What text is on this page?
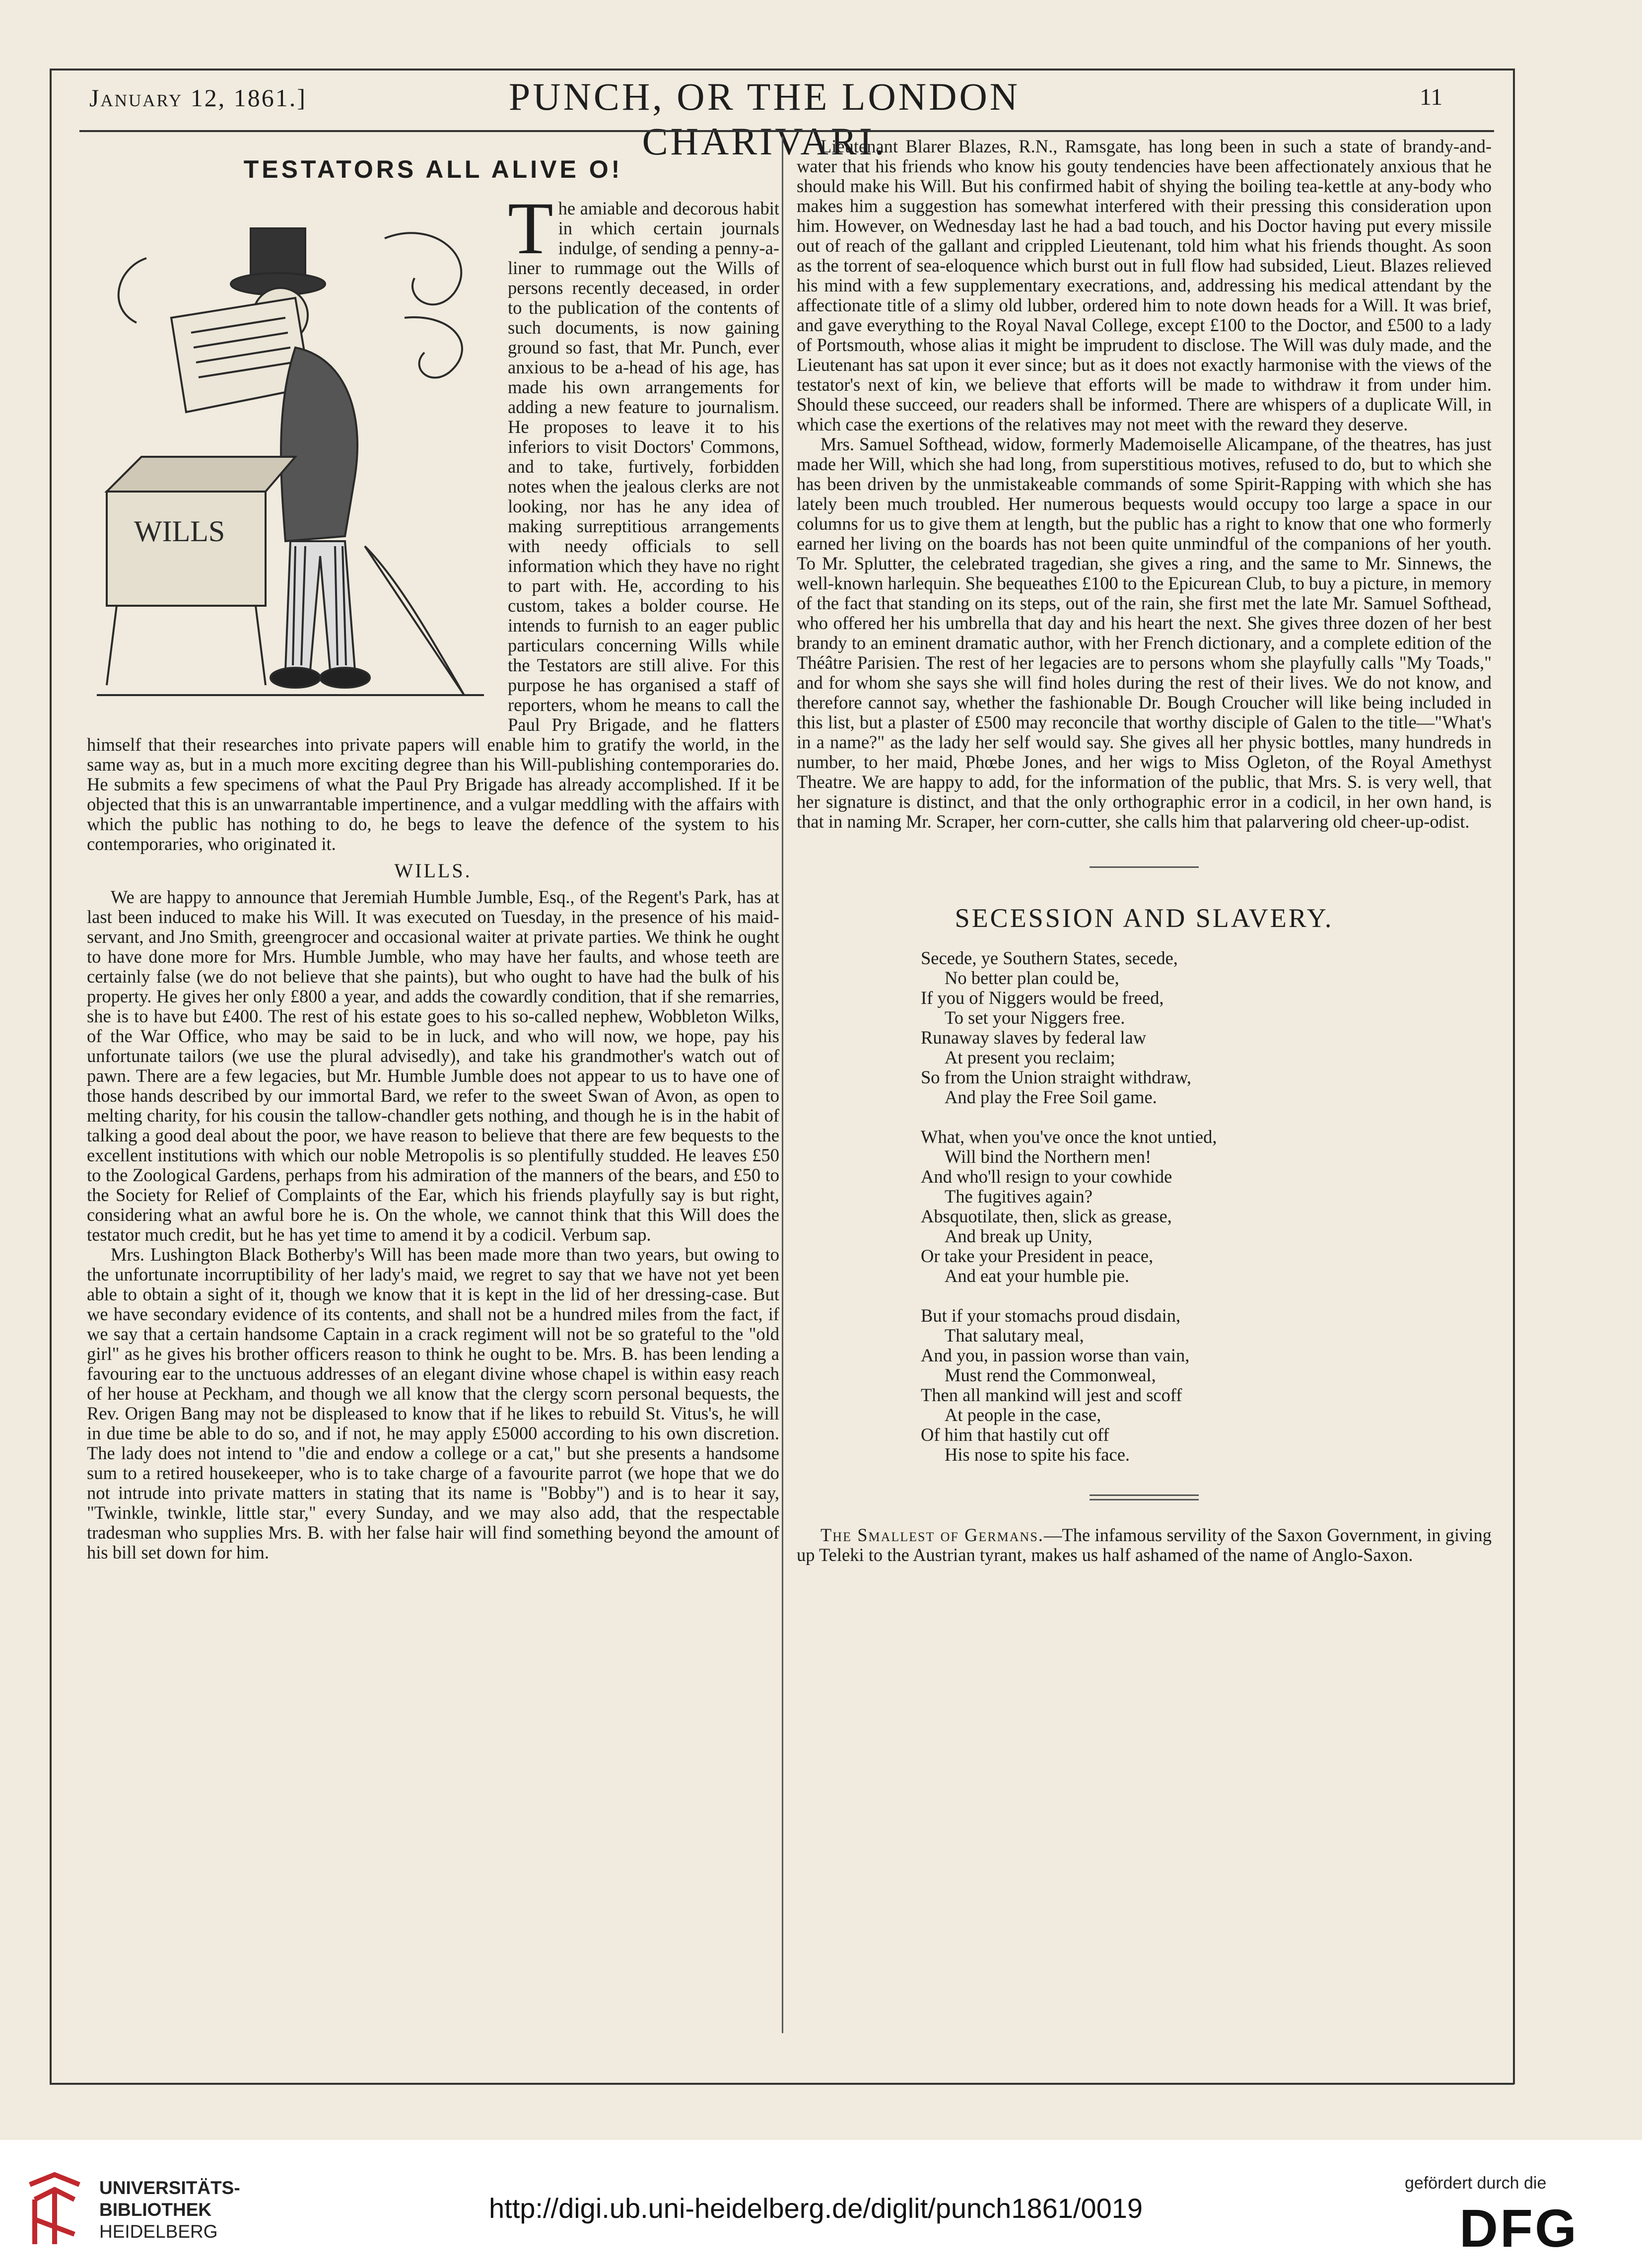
January 12, 1861.]	PUNCH, OR THE LONDON CHARIVARI.
11
TESTATORS ALL ALIVE O!
WILLS
T he amiable and decorous habit in which certain journals indulge, of sending a penny-a-liner to rummage out the Wills of persons recently deceased, in order to the publication of the contents of such documents, is now gaining ground so fast, that Mr. Punch, ever anxious to be a-head of his age, has made his own arrangements for adding a new feature to journalism. He proposes to leave it to his inferiors to visit Doctors' Commons, and to take, furtively, forbidden notes when the jealous clerks are not looking, nor has he any idea of making surreptitious arrangements with needy officials to sell information which they have no right to part with. He, according to his custom, takes a bolder course. He intends to furnish to an eager public particulars concerning Wills while the Testators are still alive. For this purpose he has organised a staff of reporters, whom he means to call the Paul Pry Brigade, and he flatters himself that their researches into private papers will enable him to gratify the world, in the same way as, but in a much more exciting degree than his Will-publishing contemporaries do. He submits a few specimens of what the Paul Pry Brigade has already accomplished. If it be objected that this is an unwarrantable impertinence, and a vulgar meddling with the affairs with which the public has nothing to do, he begs to leave the defence of the system to his contemporaries, who originated it.

WILLS.

We are happy to announce that Jeremiah Humble Jumble, Esq., of the Regent's Park, has at last been induced to make his Will. It was executed on Tuesday, in the presence of his maid-servant, and Jno Smith, greengrocer and occasional waiter at private parties. We think he ought to have done more for Mrs. Humble Jumble, who may have her faults, and whose teeth are certainly false (we do not believe that she paints), but who ought to have had the bulk of his property. He gives her only £800 a year, and adds the cowardly condition, that if she remarries, she is to have but £400. The rest of his estate goes to his so-called nephew, Wobbleton Wilks, of the War Office, who may be said to be in luck, and who will now, we hope, pay his unfortunate tailors (we use the plural advisedly), and take his grandmother's watch out of pawn. There are a few legacies, but Mr. Humble Jumble does not appear to us to have one of those hands described by our immortal Bard, we refer to the sweet Swan of Avon, as open to melting charity, for his cousin the tallow-chandler gets nothing, and though he is in the habit of talking a good deal about the poor, we have reason to believe that there are few bequests to the excellent institutions with which our noble Metropolis is so plentifully studded. He leaves £50 to the Zoological Gardens, perhaps from his admiration of the manners of the bears, and £50 to the Society for Relief of Complaints of the Ear, which his friends playfully say is but right, considering what an awful bore he is. On the whole, we cannot think that this Will does the testator much credit, but he has yet time to amend it by a codicil. Verbum sap.

Mrs. Lushington Black Botherby's Will has been made more than two years, but owing to the unfortunate incorruptibility of her lady's maid, we regret to say that we have not yet been able to obtain a sight of it, though we know that it is kept in the lid of her dressing-case. But we have secondary evidence of its contents, and shall not be a hundred miles from the fact, if we say that a certain handsome Captain in a crack regiment will not be so grateful to the "old girl" as he gives his brother officers reason to think he ought to be. Mrs. B. has been lending a favouring ear to the unctuous addresses of an elegant divine whose chapel is within easy reach of her house at Peckham, and though we all know that the clergy scorn personal bequests, the Rev. Origen Bang may not be displeased to know that if he likes to rebuild St. Vitus's, he will in due time be able to do so, and if not, he may apply £5000 according to his own discretion. The lady does not intend to "die and endow a college or a cat," but she presents a handsome sum to a retired housekeeper, who is to take charge of a favourite parrot (we hope that we do not intrude into private matters in stating that its name is "Bobby") and is to hear it say, "Twinkle, twinkle, little star," every Sunday, and we may also add, that the respectable tradesman who supplies Mrs. B. with her false hair will find something beyond the amount of his bill set down for him.

Lieutenant Blarer Blazes, R.N., Ramsgate, has long been in such a state of brandy-and-water that his friends who know his gouty tendencies have been affectionately anxious that he should make his Will. But his confirmed habit of shying the boiling tea-kettle at any-body who makes him a suggestion has somewhat interfered with their pressing this consideration upon him. However, on Wednesday last he had a bad touch, and his Doctor having put every missile out of reach of the gallant and crippled Lieutenant, told him what his friends thought. As soon as the torrent of sea-eloquence which burst out in full flow had subsided, Lieut. Blazes relieved his mind with a few supplementary execrations, and, addressing his medical attendant by the affectionate title of a slimy old lubber, ordered him to note down heads for a Will. It was brief, and gave everything to the Royal Naval College, except £100 to the Doctor, and £500 to a lady of Portsmouth, whose alias it might be imprudent to disclose. The Will was duly made, and the Lieutenant has sat upon it ever since; but as it does not exactly harmonise with the views of the testator's next of kin, we believe that efforts will be made to withdraw it from under him. Should these succeed, our readers shall be informed. There are whispers of a duplicate Will, in which case the exertions of the relatives may not meet with the reward they deserve.

Mrs. Samuel Softhead, widow, formerly Mademoiselle Alicampane, of the theatres, has just made her Will, which she had long, from superstitious motives, refused to do, but to which she has been driven by the unmistakeable commands of some Spirit-Rapping with which she has lately been much troubled. Her numerous bequests would occupy too large a space in our columns for us to give them at length, but the public has a right to know that one who formerly earned her living on the boards has not been quite unmindful of the companions of her youth. To Mr. Splutter, the celebrated tragedian, she gives a ring, and the same to Mr. Sinnews, the well-known harlequin. She bequeathes £100 to the Epicurean Club, to buy a picture, in memory of the fact that standing on its steps, out of the rain, she first met the late Mr. Samuel Softhead, who offered her his umbrella that day and his heart the next. She gives three dozen of her best brandy to an eminent dramatic author, with her French dictionary, and a complete edition of the Théâtre Parisien. The rest of her legacies are to persons whom she playfully calls "My Toads," and for whom she says she will find holes during the rest of their lives. We do not know, and therefore cannot say, whether the fashionable Dr. Bough Croucher will like being included in this list, but a plaster of £500 may reconcile that worthy disciple of Galen to the title—"What's in a name?" as the lady her self would say. She gives all her physic bottles, many hundreds in number, to her maid, Phœbe Jones, and her wigs to Miss Ogleton, of the Royal Amethyst Theatre. We are happy to add, for the information of the public, that Mrs. S. is very well, that her signature is distinct, and that the only orthographic error in a codicil, in her own hand, is that in naming Mr. Scraper, her corn-cutter, she calls him that palarvering old cheer-up-odist.

SECESSION AND SLAVERY.
Secede, ye Southern States, secede,
No better plan could be,
If you of Niggers would be freed,
To set your Niggers free.
Runaway slaves by federal law
At present you reclaim;
So from the Union straight withdraw,
And play the Free Soil game.
What, when you've once the knot untied,
Will bind the Northern men!
And who'll resign to your cowhide
The fugitives again?
Absquotilate, then, slick as grease,
And break up Unity,
Or take your President in peace,
And eat your humble pie.
But if your stomachs proud disdain,
That salutary meal,
And you, in passion worse than vain,
Must rend the Commonweal,
Then all mankind will jest and scoff
At people in the case,
Of him that hastily cut off
His nose to spite his face.

The Smallest of Germans.—The infamous servility of the Saxon Government, in giving up Teleki to the Austrian tyrant, makes us half ashamed of the name of Anglo-Saxon.

UNIVERSITÄTS-
BIBLIOTHEK
HEIDELBERG
http://digi.ub.uni-heidelberg.de/diglit/punch1861/0019
gefördert durch die
DFG
